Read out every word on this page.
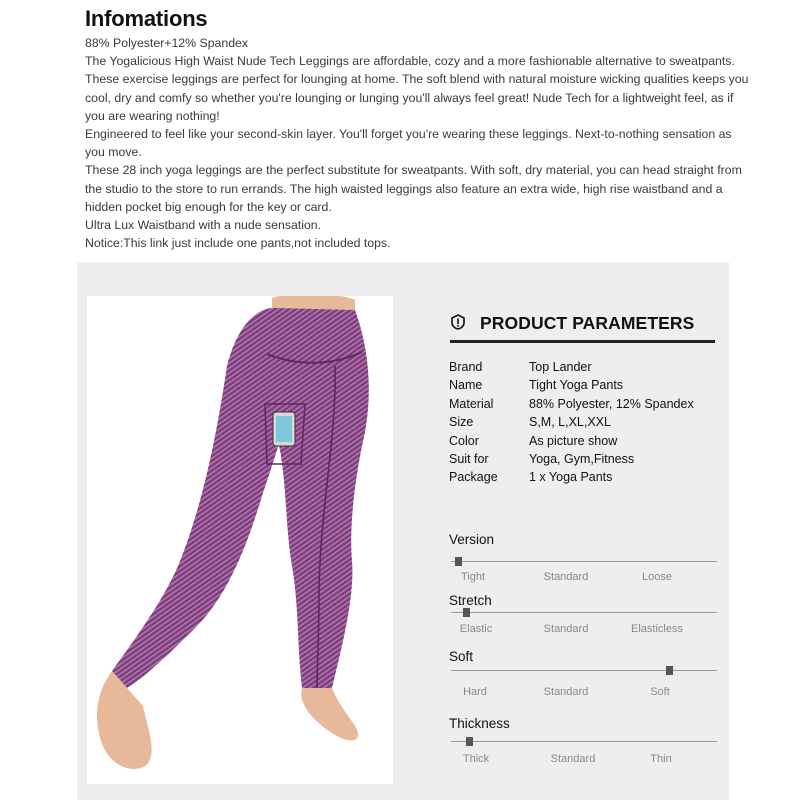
Infomations

88% Polyester+12% Spandex

The Yogalicious High Waist Nude Tech Leggings are affordable, cozy and a more fashionable alternative to sweatpants.

These exercise leggings are perfect for lounging at home. The soft blend with natural moisture wicking qualities keeps you

cool, dry and comfy so whether you're lounging or lunging you'll always feel great! Nude Tech for a lightweight feel, as if

you are wearing nothing!

Engineered to feel like your second-skin layer. You'll forget you're wearing these leggings. Next-to-nothing sensation as

you move.

These 28 inch yoga leggings are the perfect substitute for sweatpants. With soft, dry material, you can head straight from

the studio to the store to run errands. The high waisted leggings also feature an extra wide, high rise waistband and a

hidden pocket big enough for the key or card.

Ultra Lux Waistband with a nude sensation.

Notice:This link just include one pants,not included tops.

PRODUCT PARAMETERS
Brand	Top Lander
Name	Tight Yoga Pants
Material	88% Polyester, 12% Spandex
Size	S,M, L,XL,XXL
Color	As picture show
Suit for	Yoga, Gym,Fitness
Package	1 x Yoga Pants
Version
Tight	Standard	Loose
Stretch
Elastic	Standard	Elasticless
Soft
Hard	Standard	Soft
Thickness
Thick	Standard	Thin
